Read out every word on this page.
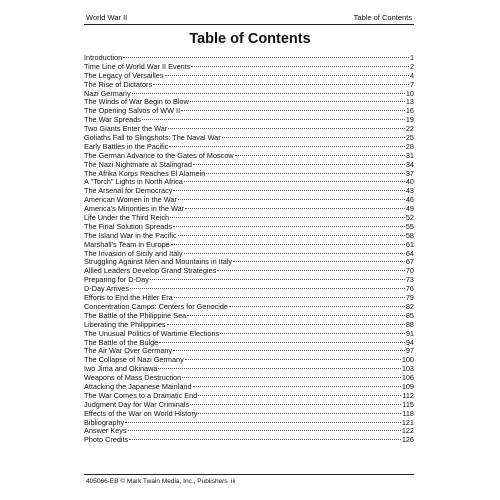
World War II	Table of Contents
Table of Contents
Introduction	1
Time Line of World War II Events	2
The Legacy of Versailles	4
The Rise of Dictators	7
Nazi Germany	10
The Winds of War Begin to Blow	13
The Opening Salvos of WW II	16
The War Spreads	19
Two Giants Enter the War	22
Goliaths Fall to Slingshots: The Naval War	25
Early Battles in the Pacific	28
The German Advance to the Gates of Moscow	31
The Nazi Nightmare at Stalingrad	34
The Afrika Korps Reaches El Alamein	37
A "Torch" Lights in North Africa	40
The Arsenal for Democracy	43
American Women in the War	46
America's Minorities in the War	49
Life Under the Third Reich	52
The Final Solution Spreads	55
The Island War in the Pacific	58
Marshall's Team in Europe	61
The Invasion of Sicily and Italy	64
Struggling Against Men and Mountains in Italy	67
Allied Leaders Develop Grand Strategies	70
Preparing for D-Day	73
D-Day Arrives	76
Efforts to End the Hitler Era	79
Concentration Camps: Centers for Genocide	82
The Battle of the Philippine Sea	85
Liberating the Philippines	88
The Unusual Politics of Wartime Elections	91
The Battle of the Bulge	94
The Air War Over Germany	97
The Collapse of Nazi Germany	100
Iwo Jima and Okinawa	103
Weapons of Mass Destruction	106
Attacking the Japanese Mainland	109
The War Comes to a Dramatic End	112
Judgment Day for War Criminals	115
Effects of the War on World History	118
Bibliography	121
Answer Keys	122
Photo Credits	126
405066-EB © Mark Twain Media, Inc., Publishers iii
